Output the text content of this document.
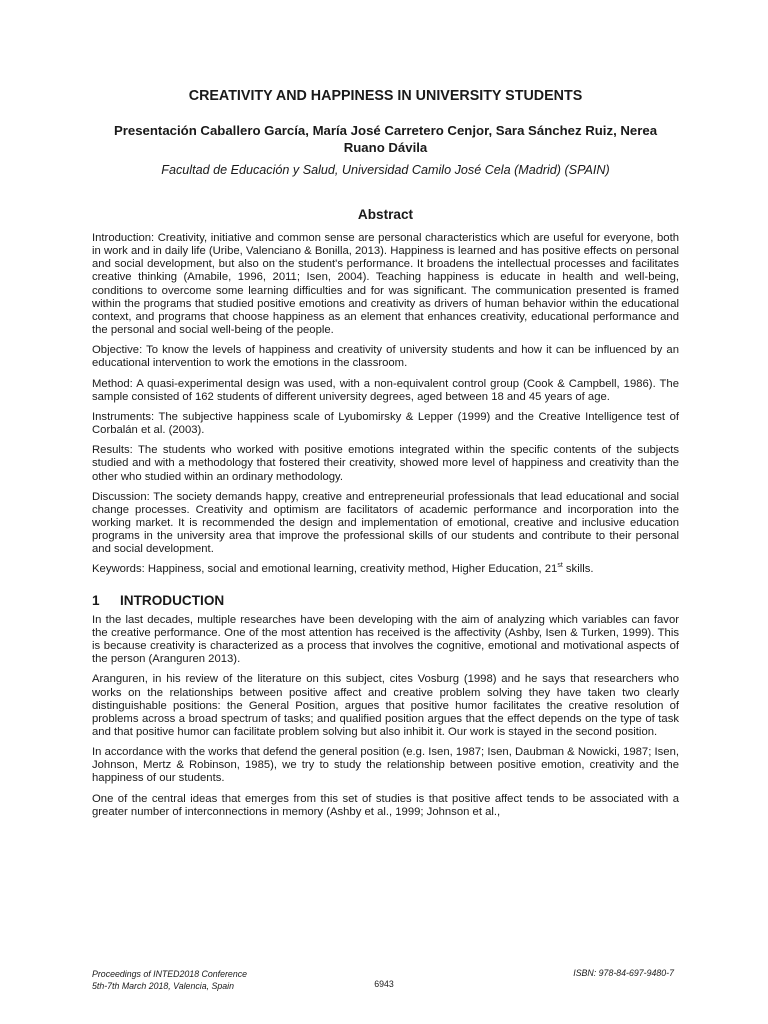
CREATIVITY AND HAPPINESS IN UNIVERSITY STUDENTS

Presentación Caballero García, María José Carretero Cenjor, Sara Sánchez Ruiz, Nerea Ruano Dávila

Facultad de Educación y Salud, Universidad Camilo José Cela (Madrid) (SPAIN)

Abstract

Introduction: Creativity, initiative and common sense are personal characteristics which are useful for everyone, both in work and in daily life (Uribe, Valenciano & Bonilla, 2013). Happiness is learned and has positive effects on personal and social development, but also on the student's performance. It broadens the intellectual processes and facilitates creative thinking (Amabile, 1996, 2011; Isen, 2004). Teaching happiness is educate in health and well-being, conditions to overcome some learning difficulties and for was significant. The communication presented is framed within the programs that studied positive emotions and creativity as drivers of human behavior within the educational context, and programs that choose happiness as an element that enhances creativity, educational performance and the personal and social well-being of the people.

Objective: To know the levels of happiness and creativity of university students and how it can be influenced by an educational intervention to work the emotions in the classroom.

Method: A quasi-experimental design was used, with a non-equivalent control group (Cook & Campbell, 1986). The sample consisted of 162 students of different university degrees, aged between 18 and 45 years of age.

Instruments: The subjective happiness scale of Lyubomirsky & Lepper (1999) and the Creative Intelligence test of Corbalán et al. (2003).

Results: The students who worked with positive emotions integrated within the specific contents of the subjects studied and with a methodology that fostered their creativity, showed more level of happiness and creativity than the other who studied within an ordinary methodology.

Discussion: The society demands happy, creative and entrepreneurial professionals that lead educational and social change processes. Creativity and optimism are facilitators of academic performance and incorporation into the working market. It is recommended the design and implementation of emotional, creative and inclusive education programs in the university area that improve the professional skills of our students and contribute to their personal and social development.

Keywords: Happiness, social and emotional learning, creativity method, Higher Education, 21st skills.

1 INTRODUCTION

In the last decades, multiple researches have been developing with the aim of analyzing which variables can favor the creative performance. One of the most attention has received is the affectivity (Ashby, Isen & Turken, 1999). This is because creativity is characterized as a process that involves the cognitive, emotional and motivational aspects of the person (Aranguren 2013).

Aranguren, in his review of the literature on this subject, cites Vosburg (1998) and he says that researchers who works on the relationships between positive affect and creative problem solving they have taken two clearly distinguishable positions: the General Position, argues that positive humor facilitates the creative resolution of problems across a broad spectrum of tasks; and qualified position argues that the effect depends on the type of task and that positive humor can facilitate problem solving but also inhibit it. Our work is stayed in the second position.

In accordance with the works that defend the general position (e.g. Isen, 1987; Isen, Daubman & Nowicki, 1987; Isen, Johnson, Mertz & Robinson, 1985), we try to study the relationship between positive emotion, creativity and the happiness of our students.

One of the central ideas that emerges from this set of studies is that positive affect tends to be associated with a greater number of interconnections in memory (Ashby et al., 1999; Johnson et al.,

Proceedings of INTED2018 Conference
5th-7th March 2018, Valencia, Spain	6943
ISBN: 978-84-697-9480-7
